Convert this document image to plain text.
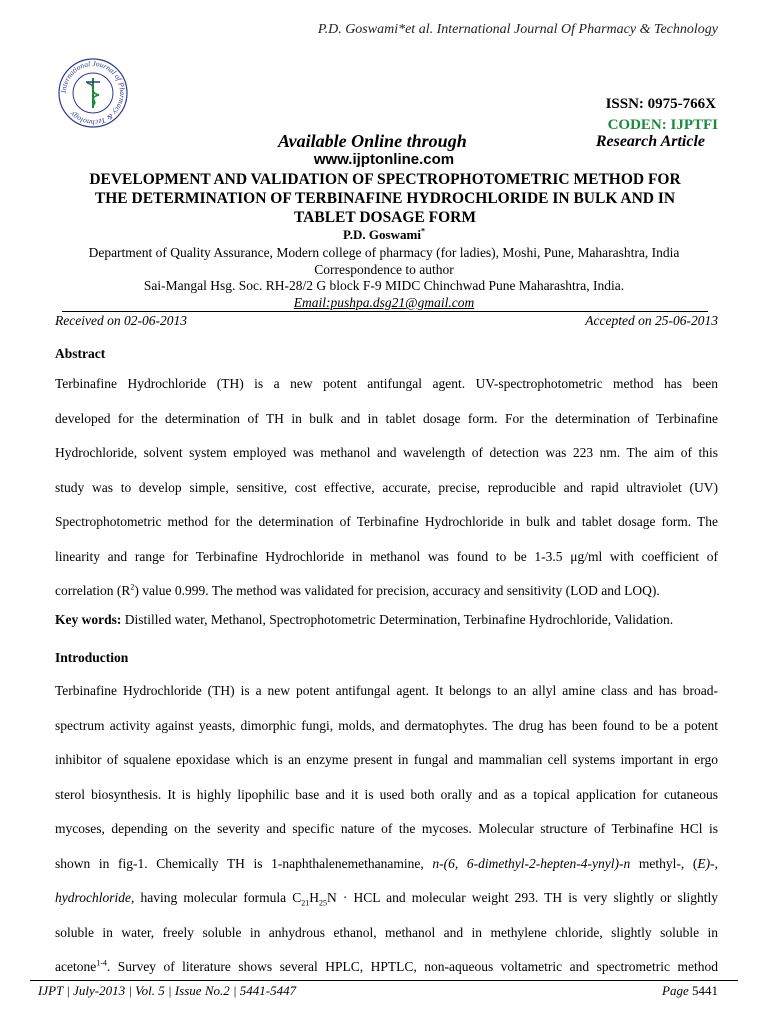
P.D. Goswami*et al. International Journal Of Pharmacy & Technology
International Journal of Pharmacy & Technology
ISSN: 0975-766X
CODEN: IJPTFI
Available Online through	Research Article
www.ijptonline.com
DEVELOPMENT AND VALIDATION OF SPECTROPHOTOMETRIC METHOD FOR
THE DETERMINATION OF TERBINAFINE HYDROCHLORIDE IN BULK AND IN
TABLET DOSAGE FORM
P.D. Goswami*
Department of Quality Assurance, Modern college of pharmacy (for ladies), Moshi, Pune, Maharashtra, India
Correspondence to author
Sai-Mangal Hsg. Soc. RH-28/2 G block F-9 MIDC Chinchwad Pune Maharashtra, India.
Email:pushpa.dsg21@gmail.com
Received on 02-06-2013	Accepted on 25-06-2013
Abstract
Terbinafine Hydrochloride (TH) is a new potent antifungal agent. UV-spectrophotometric method has been
developed for the determination of TH in bulk and in tablet dosage form. For the determination of Terbinafine
Hydrochloride, solvent system employed was methanol and wavelength of detection was 223 nm. The aim of this
study was to develop simple, sensitive, cost effective, accurate, precise, reproducible and rapid ultraviolet (UV)
Spectrophotometric method for the determination of Terbinafine Hydrochloride in bulk and tablet dosage form. The
linearity and range for Terbinafine Hydrochloride in methanol was found to be 1-3.5 μg/ml with coefficient of
correlation $(R^2)$ value 0.999. The method was validated for precision, accuracy and sensitivity (LOD and LOQ).
Key words: Distilled water, Methanol, Spectrophotometric Determination, Terbinafine Hydrochloride, Validation.
Introduction
Terbinafine Hydrochloride (TH) is a new potent antifungal agent. It belongs to an allyl amine class and has broad-
spectrum activity against yeasts, dimorphic fungi, molds, and dermatophytes. The drug has been found to be a potent
inhibitor of squalene epoxidase which is an enzyme present in fungal and mammalian cell systems important in ergo
sterol biosynthesis. It is highly lipophilic base and it is used both orally and as a topical application for cutaneous
mycoses, depending on the severity and specific nature of the mycoses. Molecular structure of Terbinafine HCl is
shown in fig-1. Chemically TH is 1-naphthalenemethanamine, n-(6, 6-dimethyl-2-hepten-4-ynyl)-n methyl-, (E)-,
hydrochloride, having molecular formula $C_{21}H_{25}N$ · HCL and molecular weight 293. TH is very slightly or slightly
soluble in water, freely soluble in anhydrous ethanol, methanol and in methylene chloride, slightly soluble in
acetone$^{1-4}$. Survey of literature shows several HPLC, HPTLC, non-aqueous voltametric and spectrometric method
IJPT | July-2013 | Vol. 5 | Issue No.2 | 5441-5447	Page 5441
